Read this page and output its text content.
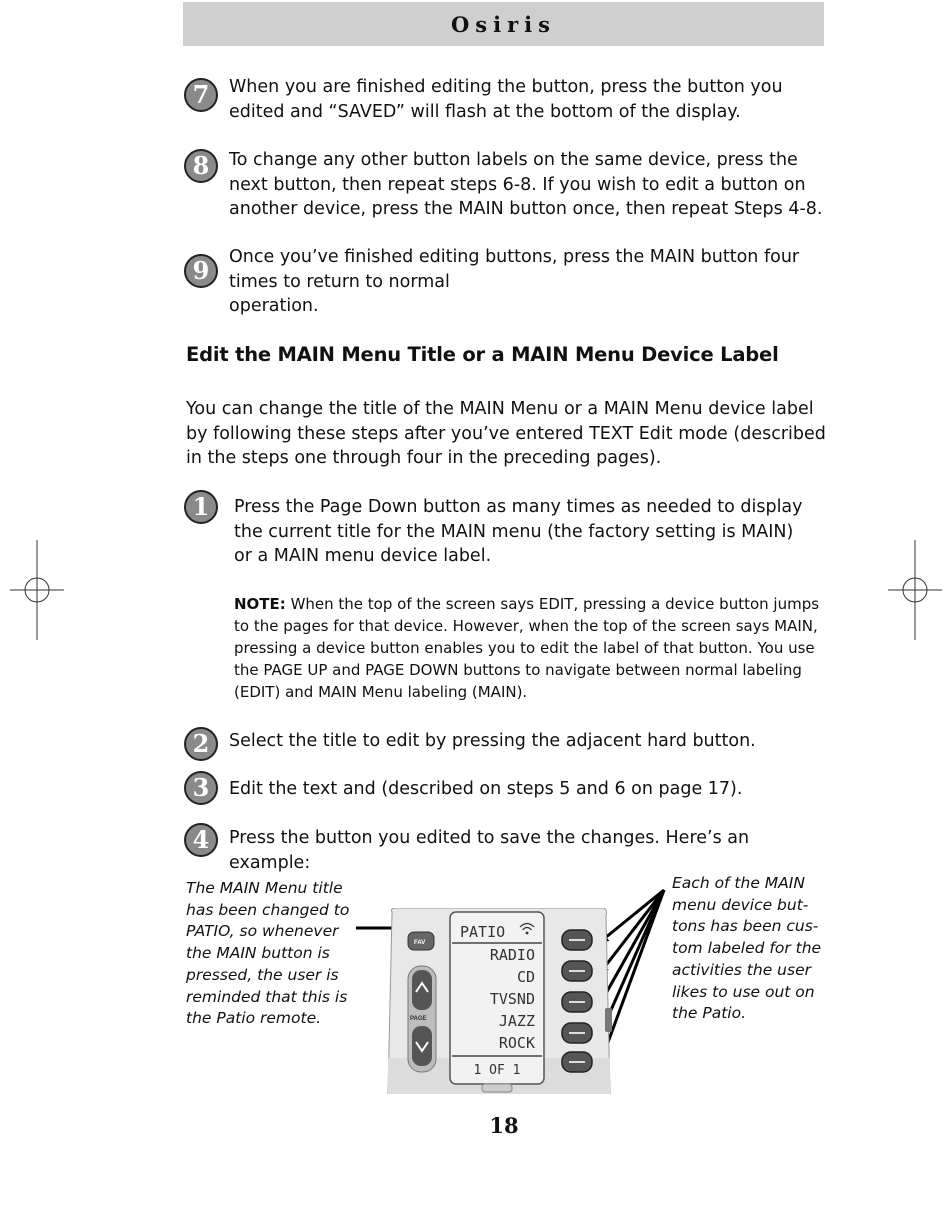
Osiris
7	When you are finished editing the button, press the button you edited and “SAVED” will flash at the bottom of the display.
8	To change any other button labels on the same device, press the next button, then repeat steps 6-8. If you wish to edit a button on another device, press the MAIN button once, then repeat Steps 4-8.
9	Once you’ve finished editing buttons, press the MAIN button four times to return to normal
operation.
Edit the MAIN Menu Title or a MAIN Menu Device Label
You can change the title of the MAIN Menu or a MAIN Menu device label by following these steps after you’ve entered TEXT Edit mode (described in the steps one through four in the preceding pages).
1	Press the Page Down button as many times as needed to display the current title for the MAIN menu (the factory setting is MAIN) or a MAIN menu device label.
NOTE: When the top of the screen says EDIT, pressing a device button jumps to the pages for that device. However, when the top of the screen says MAIN, pressing a device button enables you to edit the label of that button. You use the PAGE UP and PAGE DOWN buttons to navigate between normal labeling (EDIT) and MAIN Menu labeling (MAIN).
2	Select the title to edit by pressing the adjacent hard button.
3	Edit the text and (described on steps 5 and 6 on page 17).
4	Press the button you edited to save the changes. Here’s an example:
The MAIN Menu title has been changed to PATIO, so whenever the MAIN button is pressed, the user is reminded that this is the Patio remote.
Each of the MAIN menu device but-tons has been cus-tom labeled for the activities the user likes to use out on the Patio.
FAV
PAGE
PATIO
RADIO
CD
TVSND
JAZZ
ROCK
1 OF 1
18
